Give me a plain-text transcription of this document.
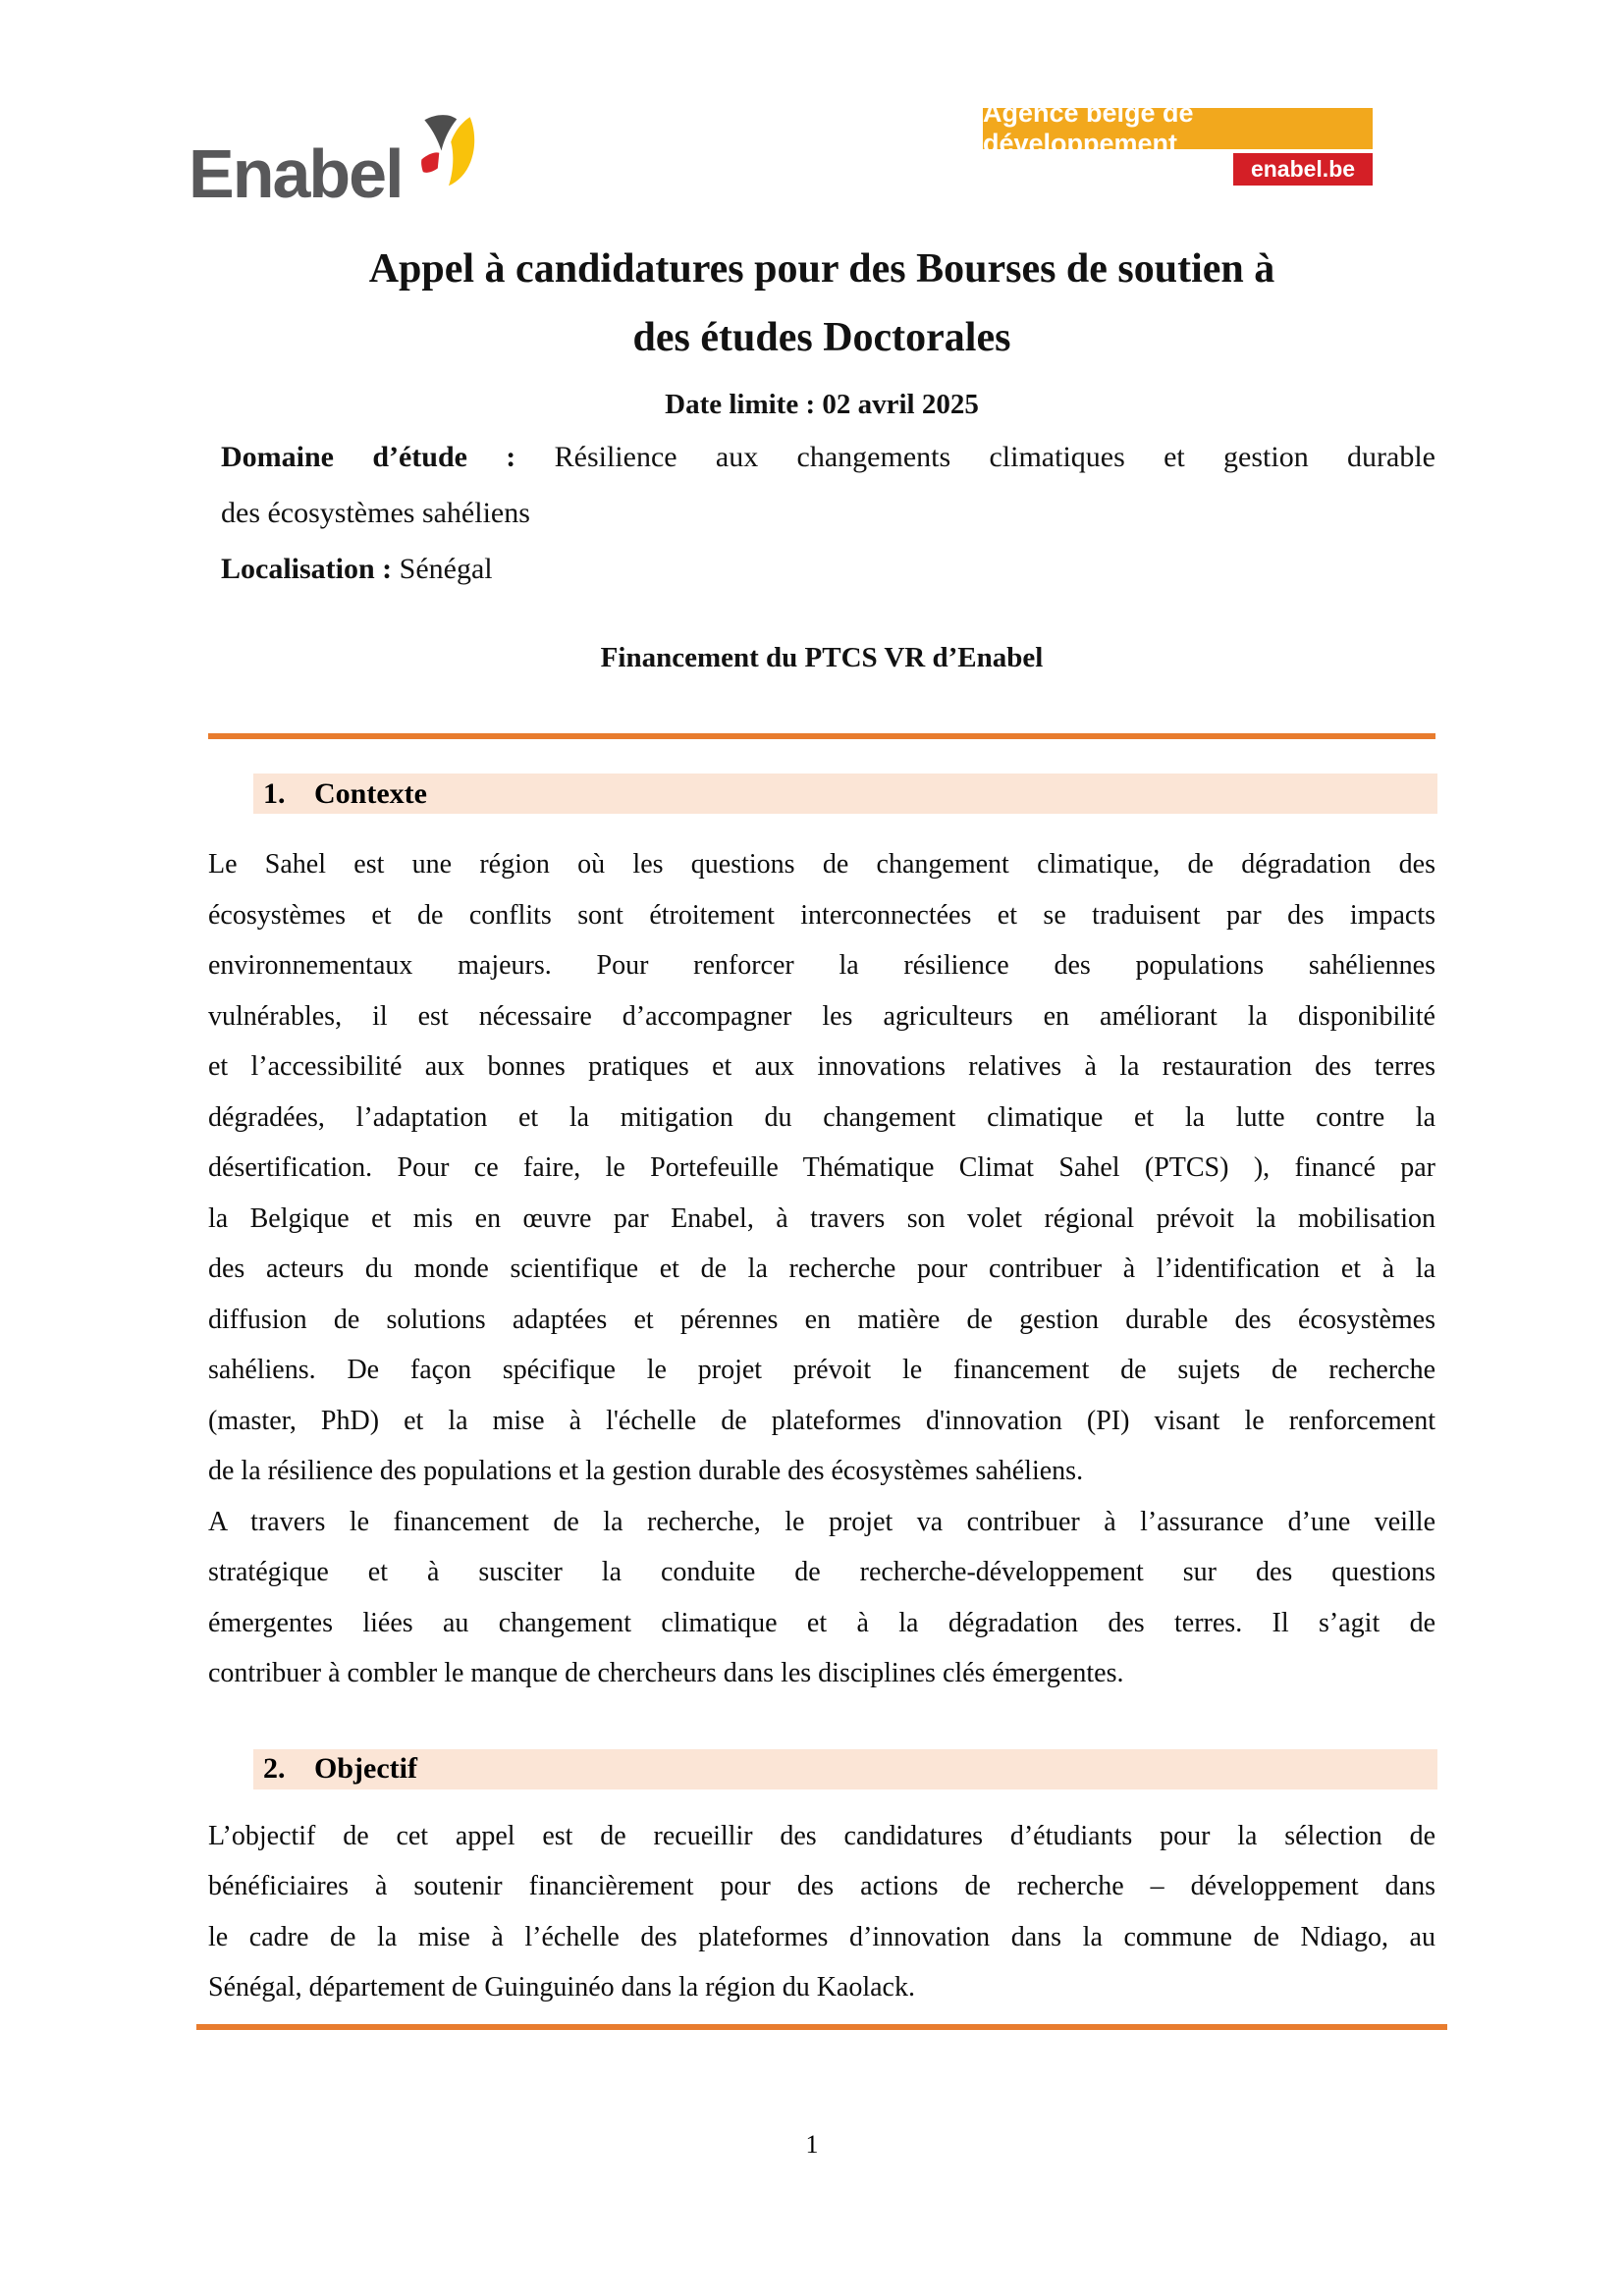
Enabel
Agence belge de développement
enabel.be
Appel à candidatures pour des Bourses de soutien à
des études Doctorales
Date limite : 02 avril 2025
Domaine d’étude : Résilience aux changements climatiques et gestion durable
des écosystèmes sahéliens
Localisation : Sénégal
Financement du PTCS VR d’Enabel
1. Contexte
Le Sahel est une région où les questions de changement climatique, de dégradation des
écosystèmes et de conflits sont étroitement interconnectées et se traduisent par des impacts
environnementaux majeurs. Pour renforcer la résilience des populations sahéliennes
vulnérables, il est nécessaire d’accompagner les agriculteurs en améliorant la disponibilité
et l’accessibilité aux bonnes pratiques et aux innovations relatives à la restauration des terres
dégradées, l’adaptation et la mitigation du changement climatique et la lutte contre la
désertification. Pour ce faire, le Portefeuille Thématique Climat Sahel (PTCS) ), financé par
la Belgique et mis en œuvre par Enabel, à travers son volet régional prévoit la mobilisation
des acteurs du monde scientifique et de la recherche pour contribuer à l’identification et à la
diffusion de solutions adaptées et pérennes en matière de gestion durable des écosystèmes
sahéliens. De façon spécifique le projet prévoit le financement de sujets de recherche
(master, PhD) et la mise à l'échelle de plateformes d'innovation (PI) visant le renforcement
de la résilience des populations et la gestion durable des écosystèmes sahéliens.
A travers le financement de la recherche, le projet va contribuer à l’assurance d’une veille
stratégique et à susciter la conduite de recherche-développement sur des questions
émergentes liées au changement climatique et à la dégradation des terres. Il s’agit de
contribuer à combler le manque de chercheurs dans les disciplines clés émergentes.
2. Objectif
L’objectif de cet appel est de recueillir des candidatures d’étudiants pour la sélection de
bénéficiaires à soutenir financièrement pour des actions de recherche – développement dans
le cadre de la mise à l’échelle des plateformes d’innovation dans la commune de Ndiago, au
Sénégal, département de Guinguinéo dans la région du Kaolack.
1
